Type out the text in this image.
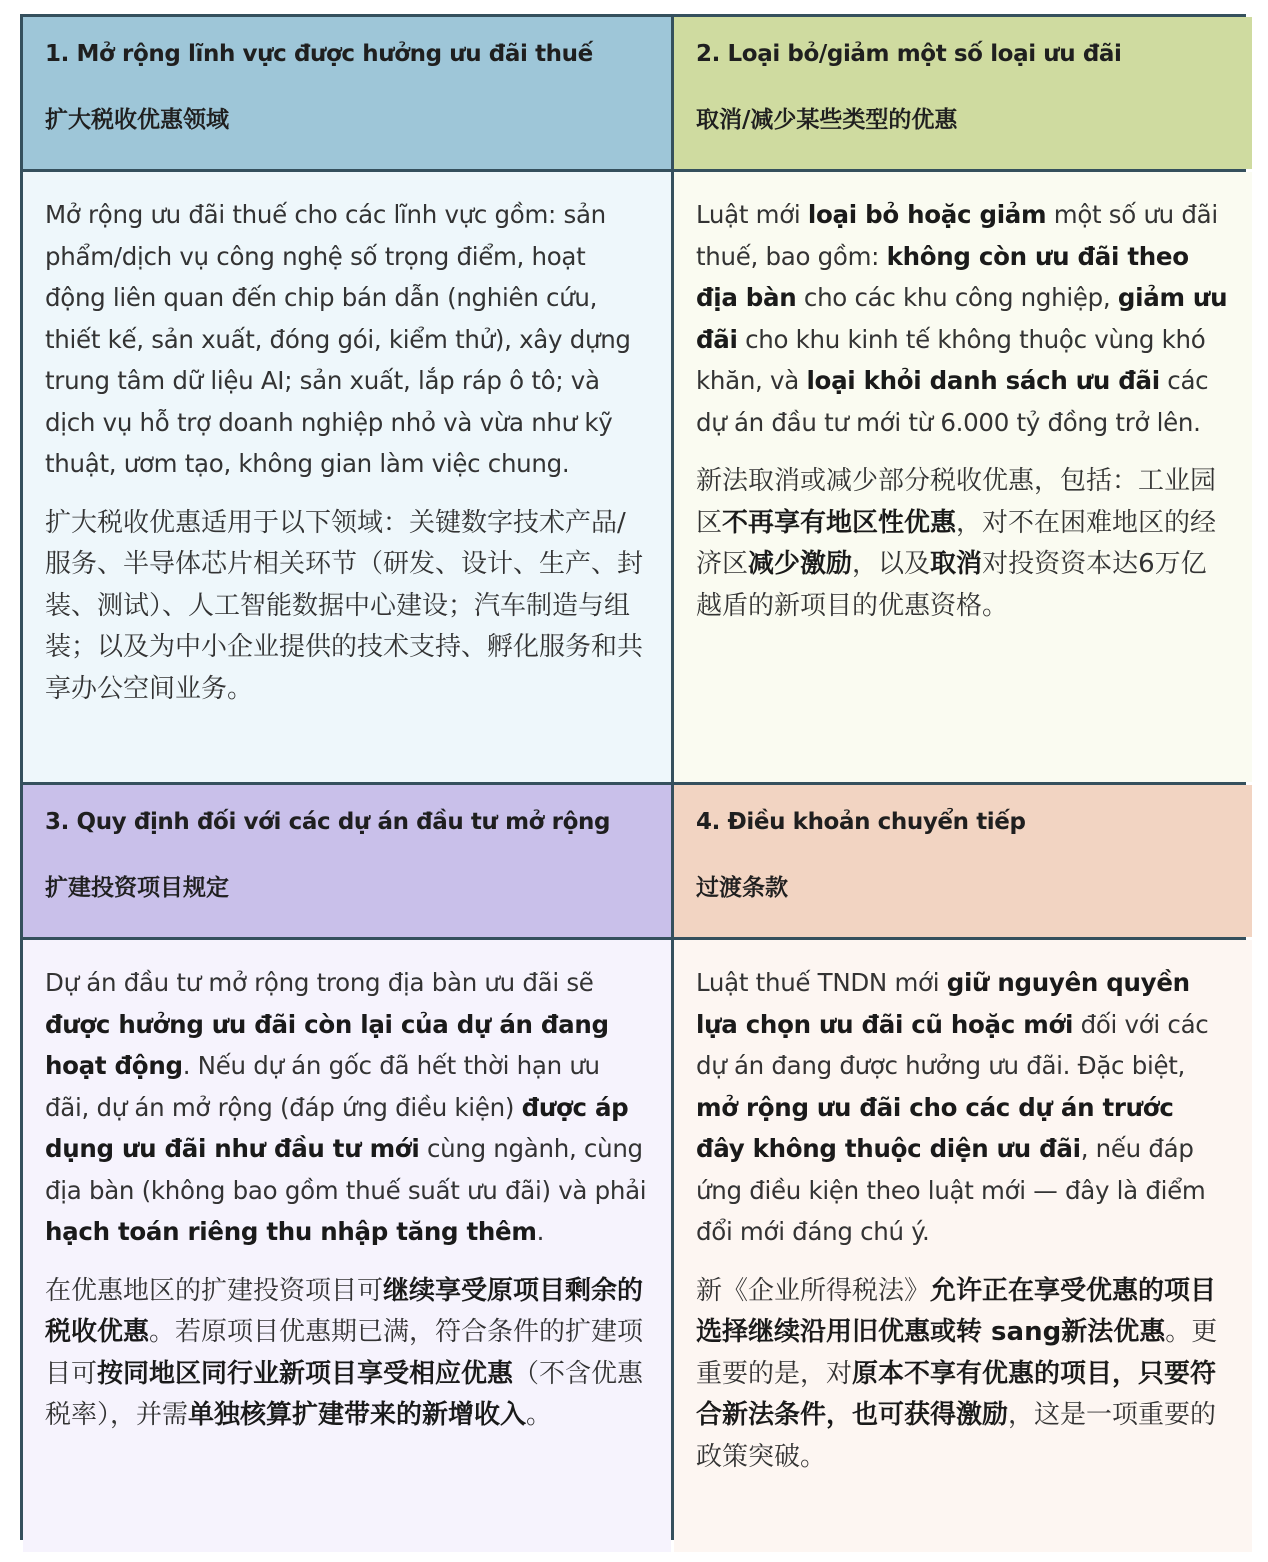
1. Mở rộng lĩnh vực được hưởng ưu đãi thuế

扩大税收优惠领域

2. Loại bỏ/giảm một số loại ưu đãi

取消/减少某些类型的优惠

Mở rộng ưu đãi thuế cho các lĩnh vực gồm: sản phẩm/dịch vụ công nghệ số trọng điểm, hoạt động liên quan đến chip bán dẫn (nghiên cứu, thiết kế, sản xuất, đóng gói, kiểm thử), xây dựng trung tâm dữ liệu AI; sản xuất, lắp ráp ô tô; và dịch vụ hỗ trợ doanh nghiệp nhỏ và vừa như kỹ thuật, ươm tạo, không gian làm việc chung.

扩大税收优惠适用于以下领域：关键数字技术产品/服务、半导体芯片相关环节（研发、设计、生产、封装、测试）、人工智能数据中心建设；汽车制造与组装；以及为中小企业提供的技术支持、孵化服务和共享办公空间业务。

Luật mới loại bỏ hoặc giảm một số ưu đãi thuế, bao gồm: không còn ưu đãi theo địa bàn cho các khu công nghiệp, giảm ưu đãi cho khu kinh tế không thuộc vùng khó khăn, và loại khỏi danh sách ưu đãi các dự án đầu tư mới từ 6.000 tỷ đồng trở lên.

新法取消或减少部分税收优惠，包括：工业园区不再享有地区性优惠，对不在困难地区的经济区减少激励，以及取消对投资资本达6万亿越盾的新项目的优惠资格。

3. Quy định đối với các dự án đầu tư mở rộng

扩建投资项目规定

4. Điều khoản chuyển tiếp

过渡条款

Dự án đầu tư mở rộng trong địa bàn ưu đãi sẽ được hưởng ưu đãi còn lại của dự án đang hoạt động. Nếu dự án gốc đã hết thời hạn ưu đãi, dự án mở rộng (đáp ứng điều kiện) được áp dụng ưu đãi như đầu tư mới cùng ngành, cùng địa bàn (không bao gồm thuế suất ưu đãi) và phải hạch toán riêng thu nhập tăng thêm.

在优惠地区的扩建投资项目可继续享受原项目剩余的税收优惠。若原项目优惠期已满，符合条件的扩建项目可按同地区同行业新项目享受相应优惠（不含优惠税率），并需单独核算扩建带来的新增收入。

Luật thuế TNDN mới giữ nguyên quyền lựa chọn ưu đãi cũ hoặc mới đối với các dự án đang được hưởng ưu đãi. Đặc biệt, mở rộng ưu đãi cho các dự án trước đây không thuộc diện ưu đãi, nếu đáp ứng điều kiện theo luật mới — đây là điểm đổi mới đáng chú ý.

新《企业所得税法》允许正在享受优惠的项目选择继续沿用旧优惠或转 sang新法优惠。更重要的是，对原本不享有优惠的项目，只要符合新法条件，也可获得激励，这是一项重要的政策突破。
